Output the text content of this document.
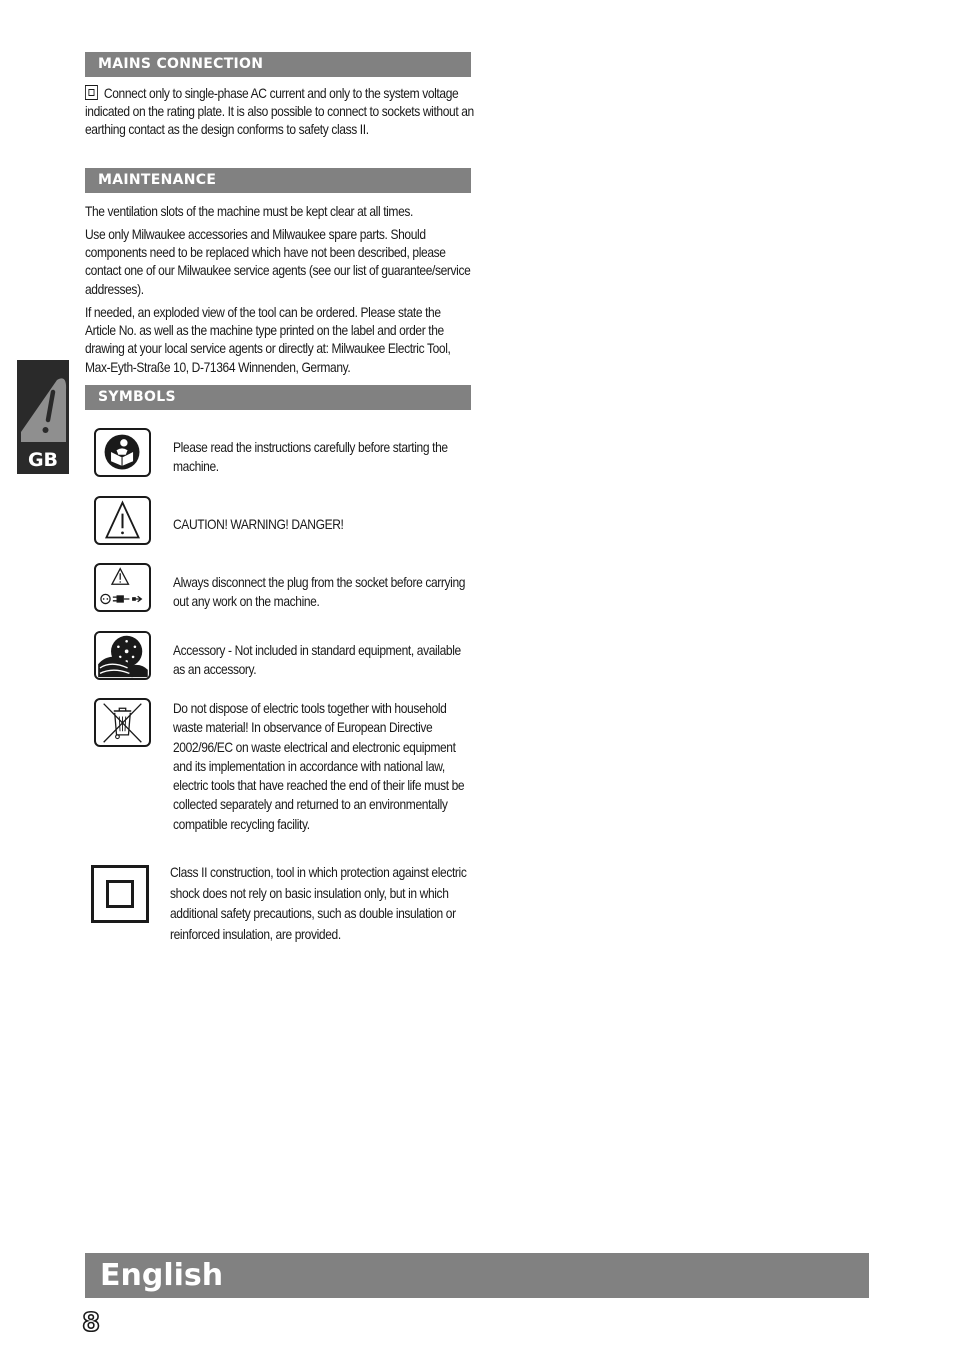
GB
MAINS CONNECTION
Connect only to single-phase AC current and only to the system voltage indicated on the rating plate. It is also possible to connect to sockets without an earthing contact as the design conforms to safety class II.
MAINTENANCE
The ventilation slots of the machine must be kept clear at all times.
Use only Milwaukee accessories and Milwaukee spare parts. Should components need to be replaced which have not been described, please contact one of our Milwaukee service agents (see our list of guarantee/service addresses).
If needed, an exploded view of the tool can be ordered. Please state the Article No. as well as the machine type printed on the label and order the drawing at your local service agents or directly at: Milwaukee Electric Tool, Max-Eyth-Straße 10, D-71364 Winnenden, Germany.
SYMBOLS
Please read the instructions carefully before starting the machine.
CAUTION! WARNING! DANGER!
Always disconnect the plug from the socket before carrying out any work on the machine.
Accessory - Not included in standard equipment, available as an accessory.
Do not dispose of electric tools together with household waste material! In observance of European Directive 2002/96/EC on waste electrical and electronic equipment and its implementation in accordance with national law, electric tools that have reached the end of their life must be collected separately and returned to an environmentally compatible recycling facility.
Class II construction, tool in which protection against electric shock does not rely on basic insulation only, but in which additional safety precautions, such as double insulation or reinforced insulation, are provided.
English
8
